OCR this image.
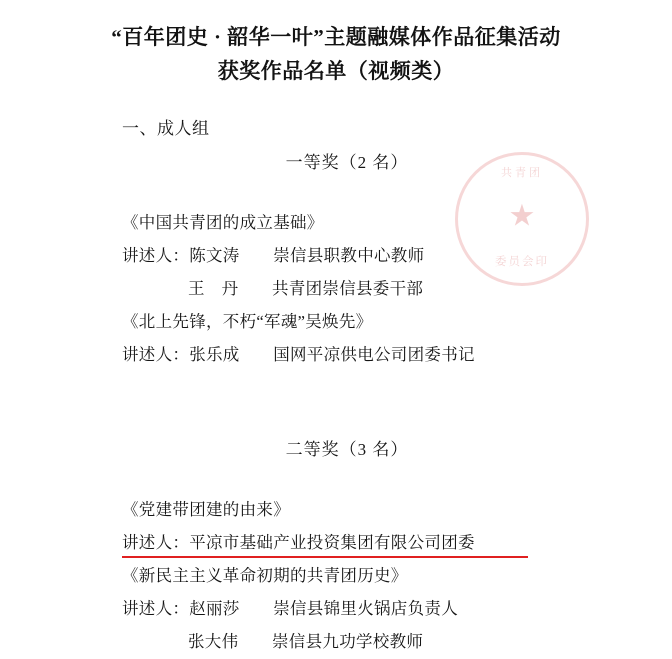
共青团
★
委员会印
“百年团史 · 韶华一叶”主题融媒体作品征集活动
获奖作品名单（视频类）
一、成人组
一等奖（2 名）
《中国共青团的成立基础》
讲述人：陈文涛　　崇信县职教中心教师
王　丹　　共青团崇信县委干部
《北上先锋，不朽“军魂”吴焕先》
讲述人：张乐成　　国网平凉供电公司团委书记
二等奖（3 名）
《党建带团建的由来》
讲述人：平凉市基础产业投资集团有限公司团委
《新民主主义革命初期的共青团历史》
讲述人：赵丽莎　　崇信县锦里火锅店负责人
张大伟　　崇信县九功学校教师
